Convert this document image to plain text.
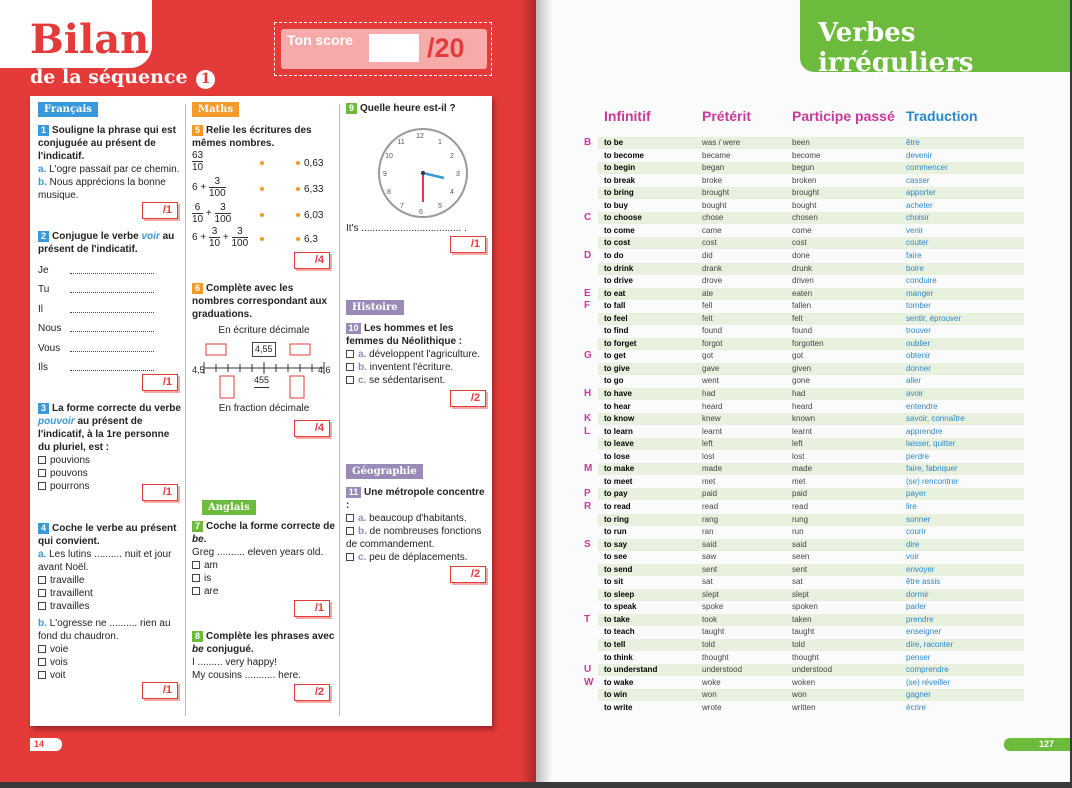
Bilan
de la séquence 1
Ton score	/20
Français
1 Souligne la phrase qui est conjuguée au présent de l'indicatif.
a. L'ogre passait par ce chemin.
b. Nous apprécions la bonne musique.
/1
2 Conjugue le verbe voir au présent de l'indicatif.
Je
Tu
Il
Nous
Vous
Ils
/1
3 La forme correcte du verbe pouvoir au présent de l'indicatif, à la 1re personne du pluriel, est :
pouvions
pouvons
pourrons	/1
4 Coche le verbe au présent qui convient.
a. Les lutins .......... nuit et jour avant Noël.
travaille
travaillent
travailles
b. L'ogresse ne .......... rien au fond du chaudron.
voie
vois
voit
/1
Maths
5 Relie les écritures des mêmes nombres.
$\frac{63}{10}$	0,63
$6 + \frac{3}{100}$	6,33
$\frac{6}{10} + \frac{3}{100}$	6,03
$6 + \frac{3}{10} + \frac{3}{100}$	6,3
/4
6 Complète avec les nombres correspondant aux graduations.
En écriture décimale
4,5	4,6
4,55
455
En fraction décimale
/4
Anglais
7 Coche la forme correcte de be.
Greg .......... eleven years old.
am
is
are
/1
8 Complète les phrases avec be conjugué.
I ......... very happy!
My cousins ........... here.
/2
9 Quelle heure est-il ?
12
1
2
3
4
5
6
7
8
9
10
11
It's .................................... .
/1
Histoire
10 Les hommes et les femmes du Néolithique :
a. développent l'agriculture.
b. inventent l'écriture.
c. se sédentarisent.
/2
Géographie
11 Une métropole concentre :
a. beaucoup d'habitants.
b. de nombreuses fonctions de commandement.
c. peu de déplacements.
/2
14
Verbes irréguliers
Infinitif	Prétérit	Participe passé Traduction
B to be	was / were	been	être
to become	became	become	devenir
to begin	began	begun	commencer
to break	broke	broken	casser
to bring	brought	brought	apporter
to buy	bought	bought	acheter
C to choose	chose	chosen	choisir
to come	came	come	venir
to cost	cost	cost	couter
D to do	did	done	faire
to drink	drank	drunk	boire
to drive	drove	driven	conduire
E to eat	ate	eaten	manger
F to fall	fell	fallen	tomber
to feel	felt	felt	sentir, éprouver
to find	found	found	trouver
to forget	forgot	forgotten	oublier
G to get	got	got	obtenir
to give	gave	given	donner
to go	went	gone	aller
H to have	had	had	avoir
to hear	heard	heard	entendre
K to know	knew	known	savoir, connaître
L to learn	learnt	learnt	apprendre
to leave	left	left	laisser, quitter
to lose	lost	lost	perdre
M to make	made	made	faire, fabriquer
to meet	met	met	(se) rencontrer
P to pay	paid	paid	payer
R to read	read	read	lire
to ring	rang	rung	sonner
to run	ran	run	courir
S to say	said	said	dire
to see	saw	seen	voir
to send	sent	sent	envoyer
to sit	sat	sat	être assis
to sleep	slept	slept	dormir
to speak	spoke	spoken	parler
T to take	took	taken	prendre
to teach	taught	taught	enseigner
to tell	told	told	dire, raconter
to think	thought	thought	penser
U to understand	understood	understood	comprendre
W to wake	woke	woken	(se) réveiller
to win	won	won	gagner
to write	wrote	written	écrire
127
